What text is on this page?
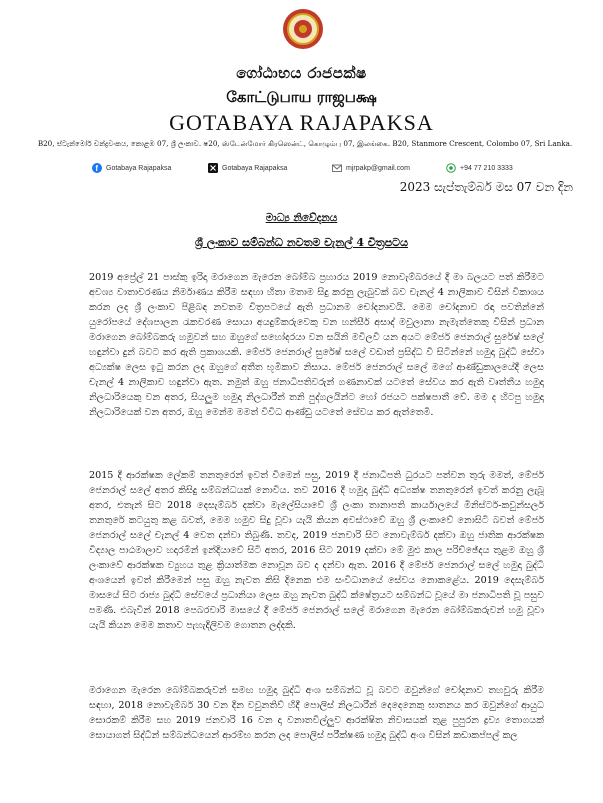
ගෝඨාභය රාජපක්ෂ
கோட்டுபாய ராஜபக்ஷ
GOTABAYA RAJAPAKSA
B20, ස්ටැන්මෝර් චන්ද්‍රවංකය, කොළඹ 07, ශ්‍රී ලංකාව. ෂ20, ஸ்டேன்மோர் கிரஸென்ட், கொழும்பு 07, இலங்கை. B20, Stanmore Crescent, Colombo 07, Sri Lanka.
f Gotabaya Rajapaksa	Gotabaya Rajapaksa	mjrpakp@gmail.com	+94 77 210 3333
2023 සැප්තැම්බර් මස 07 වන දින
මාධ්‍ය නිවේදනය
ශ්‍රී ලංකාව සම්බන්ධ නවතම චැනල් 4 චිත්‍රපටය

2019 අප්‍රේල් 21 පාස්කු ඉරිදා මරාගෙන මැරෙන බෝම්බ ප්‍රහාරය 2019 නොවැම්බරයේ දී මා බලයට පත් කිරීමට අවශ්‍ය වාතාවරණය නිර්මාණය කිරීම සඳහා හිතා මතාම සිදු කරනු ලැබුවක් බව චැනල් 4 නාලිකාව විසින් විකාශය කරන ලද ශ්‍රී ලංකාව පිළිබඳ නවතම චිත්‍රපටයේ ඇති ප්‍රධානම චෝදනාවයි. මෙම චෝදනාව රඳා පවතින්නේ යුරෝපයේ දේශපාලන රැකවරණ සොයා අයදුම්කරුවෙකු වන හන්සීර් අසාද් මවුලානා නැමැත්තෙකු විසින් ප්‍රධාන මරාගෙන බෝම්බකරු හමුවන් සහ ඔහුගේ සහෝදරයා වන සයිනි මවිලවී යන අයට මේජර් ජෙනරාල් සුරේෂ් සලේ හඳුන්වා දුන් බවට කර ඇති ප්‍රකාශයකි. මේජර් ජෙනරාල් සුරේෂ් සලේ වඩාත් ප්‍රසිද්ධ වී සිටින්නේ හමුදා බුද්ධි සේවා අධ්‍යක්ෂ ලෙස ඉටු කරන ලද ඔහුගේ අතීත භූමිකාව නිසාය. මේජර් ජෙනරාල් සලේ මගේ ආණ්ඩුකාලයේදී ලෙස චැනල් 4 නාලිකාව හඳුන්වා ඇත. නමුත් ඔහු ජනාධිපතිවරුන් ගණනාවක් යටතේ සේවය කර ඇති වෘත්තීය හමුදා නිලධාරියෙකු වන අතර, සියලුම හමුදා නිලධාරීන් තනි පුද්ගලයින්ට හෝ රජයට පක්ෂපාතී වේ. මම ද හිටපු හමුදා නිලධාරියෙක් වන අතර, ඔහු මෙන්ම මමත් විවිධ ආණ්ඩු යටතේ සේවය කර ඇත්තෙමි.

2015 දී ආරක්ෂක ලේකම් තනතුරෙන් ඉවත් වීමෙන් පසු, 2019 දී ජනාධිපති ධුරයට පත්වන තුරු මමත්, මේජර් ජෙනරාල් සලේ අතර කිසිදු සම්බන්ධයක් නොවීය. තව 2016 දී හමුදා බුද්ධි අධ්‍යක්ෂ තනතුරෙන් ඉවත් කරනු ලැබූ අතර, එතැන් සිට 2018 දෙසැම්බර් දක්වා මැලේසියාවේ ශ්‍රී ලංකා තානාපති කාර්යාලයේ මිනිස්ටර්-කවුන්සලර් තනතුරේ කටයුතු කළ බවත්, මෙම හමුව සිදු වූවා යැයි කියන අවස්ථාවේ ඔහු ශ්‍රී ලංකාවේ නොසිටි බවත් මේජර් ජෙනරාල් සලේ චැනල් 4 වෙත දන්වා තිබුණි. තවද, 2019 ජනවාරි සිට නොවැම්බර් දක්වා ඔහු ජාතික ආරක්ෂක විද්‍යාල පාඨමාලාව හදාරමින් ඉන්දියාවේ සිටි අතර, 2016 සිට 2019 දක්වා මේ මුළු කාල පරිච්ඡේදය තුළම ඔහු ශ්‍රී ලංකාවේ ආරක්ෂක ව්‍යුහය තුළ ක්‍රියාත්මක නොවූන බව ද දන්වා ඇත. 2016 දී මේජර් ජෙනරාල් සලේ හමුදා බුද්ධි අංශයෙන් ඉවත් කිරීමෙන් පසු ඔහු නැවත කිසි දිනෙක එම සංවිධානයේ සේවය නොකළේය. 2019 දෙසැම්බර් මාසයේ සිට රාජ්‍ය බුද්ධි සේවයේ ප්‍රධානියා ලෙස ඔහු නැවත බුද්ධි ක්ෂේත්‍රයට සම්බන්ධ වූයේ මා ජනාධිපති වූ පසුව පමණි. එබැවින් 2018 පෙබරවාරි මාසයේ දී මේජර් ජෙනරාල් සලේ මරාගෙන මැරෙන බෝම්බකරුවන් හමු වූවා යැයි කියන මෙම කතාව පැහැදිලිවම ගොතන ලද්දකි.

මරාගෙන මැරෙන බෝම්බකරුවන් සමඟ හමුදා බුද්ධි අංශ සම්බන්ධ වූ බවට ඔවුන්ගේ චෝදනාව තහවුරු කිරීම සඳහා, 2018 නොවැම්බර් 30 වන දින වවුනතිව් හිදී පොලිස් නිලධාරීන් දෙදෙනෙකු ඝාතනය කර ඔවුන්ගේ ආයුධ සොරකම් කිරීම සහ 2019 ජනවාරි 16 වන දා වනාතවිල්ලුව ආරක්ෂිත නිවාසයක් තුළ පුපුරන ද්‍රව්‍ය තොගයක් සොයාගත් සිද්ධීන් සම්බන්ධයෙන් ආරම්භ කරන ලද පොලිස් පරීක්ෂණ හමුදා බුද්ධි අංශ විසින් කඩාකප්පල් කල
